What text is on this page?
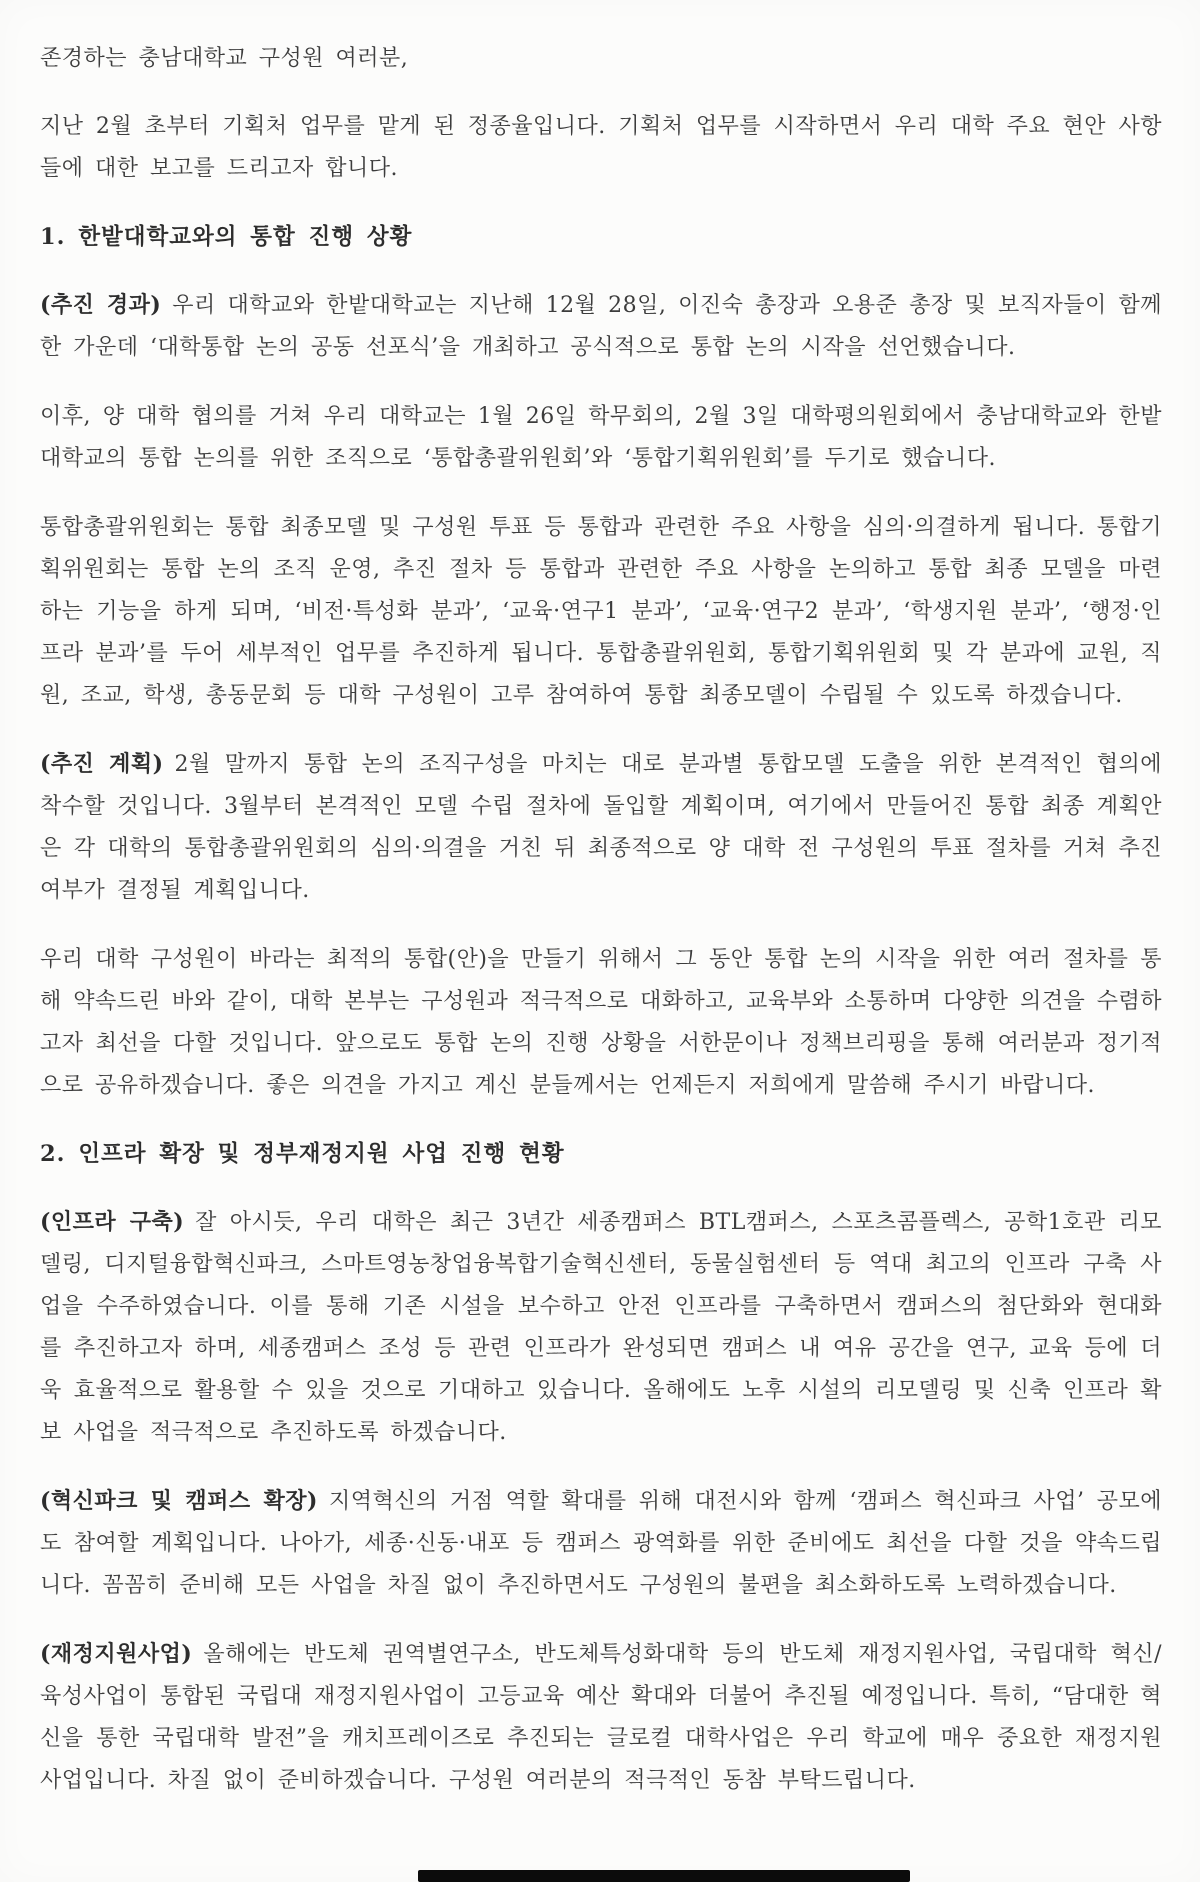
존경하는 충남대학교 구성원 여러분,

지난 2월 초부터 기획처 업무를 맡게 된 정종율입니다. 기획처 업무를 시작하면서 우리 대학 주요 현안 사항들에 대한 보고를 드리고자 합니다.

1. 한밭대학교와의 통합 진행 상황

(추진 경과) 우리 대학교와 한밭대학교는 지난해 12월 28일, 이진숙 총장과 오용준 총장 및 보직자들이 함께한 가운데 ‘대학통합 논의 공동 선포식’을 개최하고 공식적으로 통합 논의 시작을 선언했습니다.

이후, 양 대학 협의를 거쳐 우리 대학교는 1월 26일 학무회의, 2월 3일 대학평의원회에서 충남대학교와 한밭대학교의 통합 논의를 위한 조직으로 ‘통합총괄위원회’와 ‘통합기획위원회’를 두기로 했습니다.

통합총괄위원회는 통합 최종모델 및 구성원 투표 등 통합과 관련한 주요 사항을 심의·의결하게 됩니다. 통합기획위원회는 통합 논의 조직 운영, 추진 절차 등 통합과 관련한 주요 사항을 논의하고 통합 최종 모델을 마련하는 기능을 하게 되며, ‘비전·특성화 분과’, ‘교육·연구1 분과’, ‘교육·연구2 분과’, ‘학생지원 분과’, ‘행정·인프라 분과’를 두어 세부적인 업무를 추진하게 됩니다. 통합총괄위원회, 통합기획위원회 및 각 분과에 교원, 직원, 조교, 학생, 총동문회 등 대학 구성원이 고루 참여하여 통합 최종모델이 수립될 수 있도록 하겠습니다.

(추진 계획) 2월 말까지 통합 논의 조직구성을 마치는 대로 분과별 통합모델 도출을 위한 본격적인 협의에 착수할 것입니다. 3월부터 본격적인 모델 수립 절차에 돌입할 계획이며, 여기에서 만들어진 통합 최종 계획안은 각 대학의 통합총괄위원회의 심의·의결을 거친 뒤 최종적으로 양 대학 전 구성원의 투표 절차를 거쳐 추진 여부가 결정될 계획입니다.

우리 대학 구성원이 바라는 최적의 통합(안)을 만들기 위해서 그 동안 통합 논의 시작을 위한 여러 절차를 통해 약속드린 바와 같이, 대학 본부는 구성원과 적극적으로 대화하고, 교육부와 소통하며 다양한 의견을 수렴하고자 최선을 다할 것입니다. 앞으로도 통합 논의 진행 상황을 서한문이나 정책브리핑을 통해 여러분과 정기적으로 공유하겠습니다. 좋은 의견을 가지고 계신 분들께서는 언제든지 저희에게 말씀해 주시기 바랍니다.

2. 인프라 확장 및 정부재정지원 사업 진행 현황

(인프라 구축) 잘 아시듯, 우리 대학은 최근 3년간 세종캠퍼스 BTL캠퍼스, 스포츠콤플렉스, 공학1호관 리모델링, 디지털융합혁신파크, 스마트영농창업융복합기술혁신센터, 동물실험센터 등 역대 최고의 인프라 구축 사업을 수주하였습니다. 이를 통해 기존 시설을 보수하고 안전 인프라를 구축하면서 캠퍼스의 첨단화와 현대화를 추진하고자 하며, 세종캠퍼스 조성 등 관련 인프라가 완성되면 캠퍼스 내 여유 공간을 연구, 교육 등에 더욱 효율적으로 활용할 수 있을 것으로 기대하고 있습니다. 올해에도 노후 시설의 리모델링 및 신축 인프라 확보 사업을 적극적으로 추진하도록 하겠습니다.

(혁신파크 및 캠퍼스 확장) 지역혁신의 거점 역할 확대를 위해 대전시와 함께 ‘캠퍼스 혁신파크 사업’ 공모에도 참여할 계획입니다. 나아가, 세종·신동·내포 등 캠퍼스 광역화를 위한 준비에도 최선을 다할 것을 약속드립니다. 꼼꼼히 준비해 모든 사업을 차질 없이 추진하면서도 구성원의 불편을 최소화하도록 노력하겠습니다.

(재정지원사업) 올해에는 반도체 권역별연구소, 반도체특성화대학 등의 반도체 재정지원사업, 국립대학 혁신/육성사업이 통합된 국립대 재정지원사업이 고등교육 예산 확대와 더불어 추진될 예정입니다. 특히, “담대한 혁신을 통한 국립대학 발전”을 캐치프레이즈로 추진되는 글로컬 대학사업은 우리 학교에 매우 중요한 재정지원사업입니다. 차질 없이 준비하겠습니다. 구성원 여러분의 적극적인 동참 부탁드립니다.
